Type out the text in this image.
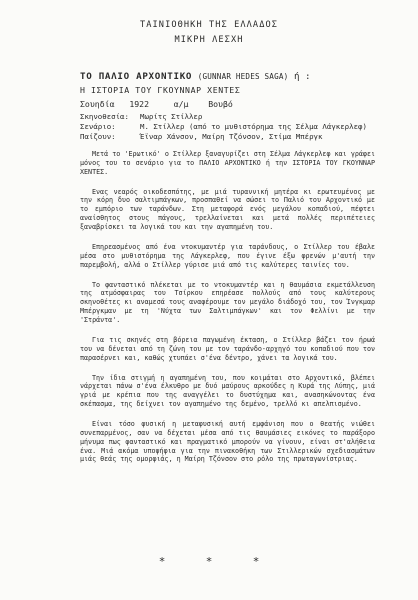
ΤΑΙΝΙΟΘΗΚΗ ΤΗΣ ΕΛΛΑΔΟΣ
ΜΙΚΡΗ ΛΕΣΧΗ
ΤΟ ΠΑΛΙΟ ΑΡΧΟΝΤΙΚΟ (GUNNAR HEDES SAGA) ή :
Η ΙΣΤΟΡΙΑ ΤΟΥ ΓΚΟΥΝΝΑΡ ΧΕΝΤΕΣ
Σουηδία 1922	α/μ Βουβό
Σκηνοθεσία: Μωρίτς Στίλλερ
Σενάριο:	Μ. Στίλλερ (από το μυθιστόρημα της Σέλμα Λάγκερλεφ)
Παίζουν:	Έϊναρ Χάνσον, Μαίρη Τζόνσον, Στίμα Μπέργκ

Μετά το 'Ερωτικό' ο Στίλλερ ξαναγυρίζει στη Σέλμα Λάγκερλεφ και γράφει μόνος του το σενάριο για το ΠΑΛΙΟ ΑΡΧΟΝΤΙΚΟ ή την ΙΣΤΟΡΙΑ ΤΟΥ ΓΚΟΥΝΝΑΡ ΧΕΝΤΕΣ.

Ενας νεαρός οικοδεσπότης, με μιά τυραννική μητέρα κι ερωτευμένος με την κόρη δυο σαλτιμπάγκων, προσπαθεί να σώσει το Παλιό του Αρχοντικό με το εμπόριο των ταράνδων. Στη μεταφορά ενός μεγάλου κοπαδιού, πέφτει αναίσθητος στους πάγους, τρελλαίνεται και μετά πολλές περιπέτειες ξαναβρίσκει τα λογικά του και την αγαπημένη του.

Επηρεασμένος από ένα ντοκυμαντέρ για ταράνδους, ο Στίλλερ του έβαλε μέσα στο μυθιστόρημα της Λάγκερλεφ, που έγινε έξω φρενών μ'αυτή την παρεμβολή, αλλά ο Στίλλερ γύρισε μιά από τις καλύτερες ταινίες του.

Το φανταστικό πλέκεται με το ντοκυμαντέρ και η θαυμάσια εκμετάλλευση της ατμόσφαιρας του Τσίρκου επηρέασε πολλούς από τους καλύτερους σκηνοθέτες κι αναμεσά τους αναφέρουμε τον μεγάλο διάδοχό του, τον Ίνγκμαρ Μπέργκμαν με τη 'Νύχτα των Σαλτιμπάγκων' και τον Φελλίνι με την 'Στράντα'.

Για τις σκηνές στη βόρεια παγωμένη έκταση, ο Στίλλερ βάζει τον ήρωά του να δένεται από τη ζώνη του με τον ταράνδο-αρχηγό του κοπαδιού που τον παρασέρνει και, καθώς χτυπάει σ'ένα δέντρο, χάνει τα λογικά του.

Την ίδια στιγμή η αγαπημένη του, που κοιμάται στο Αρχοντικό, βλέπει νάρχεται πάνω σ'ένα έλκυθρο με δυό μαύρους αρκούδες η Κυρά της Λύπης, μιά γριά με κρέπια που της αναγγέλει το δυστύχημα και, ανασηκώνοντας ένα σκέπασμα, της δείχνει τον αγαπημένο της δεμένο, τρελλό κι απελπισμένο.

Είναι τόσο φυσική η μεταφυσική αυτή εμφάνιση που ο θεατής νιώθει συνεπαρμένος, σαν να δέχεται μέσα από τις θαυμάσιες εικόνες το παράξορο μήνυμα πως φανταστικό και πραγματικό μπορούν να γίνουν, είναι στ'αλήθεια ένα. Μιά ακόμα υποψήφια για την πινακοθήκη των Στιλλερικών σχεδιασμάτων μιάς θεάς της ομορφιάς, η Μαίρη Τζόνσον στο ρόλο της πρωταγωνίστριας.

*	*	*
